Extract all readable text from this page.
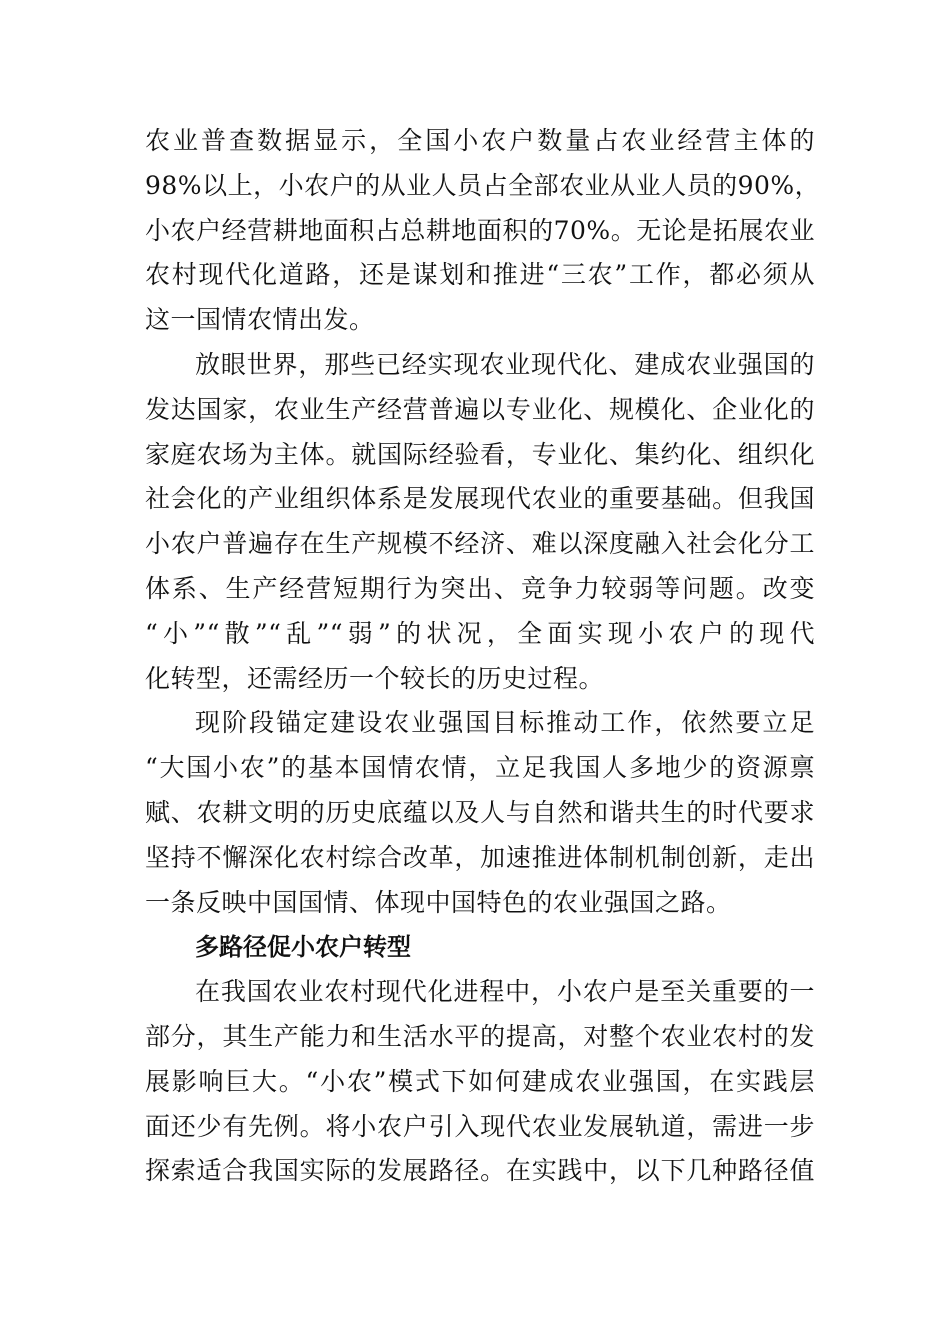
农业普查数据显示，全国小农户数量占农业经营主体的
98%以上，小农户的从业人员占全部农业从业人员的90%，
小农户经营耕地面积占总耕地面积的70%。无论是拓展农业
农村现代化道路，还是谋划和推进“三农”工作，都必须从
这一国情农情出发。
放眼世界，那些已经实现农业现代化、建成农业强国的
发达国家，农业生产经营普遍以专业化、规模化、企业化的
家庭农场为主体。就国际经验看，专业化、集约化、组织化
社会化的产业组织体系是发展现代农业的重要基础。但我国
小农户普遍存在生产规模不经济、难以深度融入社会化分工
体系、生产经营短期行为突出、竞争力较弱等问题。改变
“小”“散”“乱”“弱”的状况，全面实现小农户的现代
化转型，还需经历一个较长的历史过程。
现阶段锚定建设农业强国目标推动工作，依然要立足
“大国小农”的基本国情农情，立足我国人多地少的资源禀
赋、农耕文明的历史底蕴以及人与自然和谐共生的时代要求
坚持不懈深化农村综合改革，加速推进体制机制创新，走出
一条反映中国国情、体现中国特色的农业强国之路。
多路径促小农户转型
在我国农业农村现代化进程中，小农户是至关重要的一
部分，其生产能力和生活水平的提高，对整个农业农村的发
展影响巨大。“小农”模式下如何建成农业强国，在实践层
面还少有先例。将小农户引入现代农业发展轨道，需进一步
探索适合我国实际的发展路径。在实践中，以下几种路径值
